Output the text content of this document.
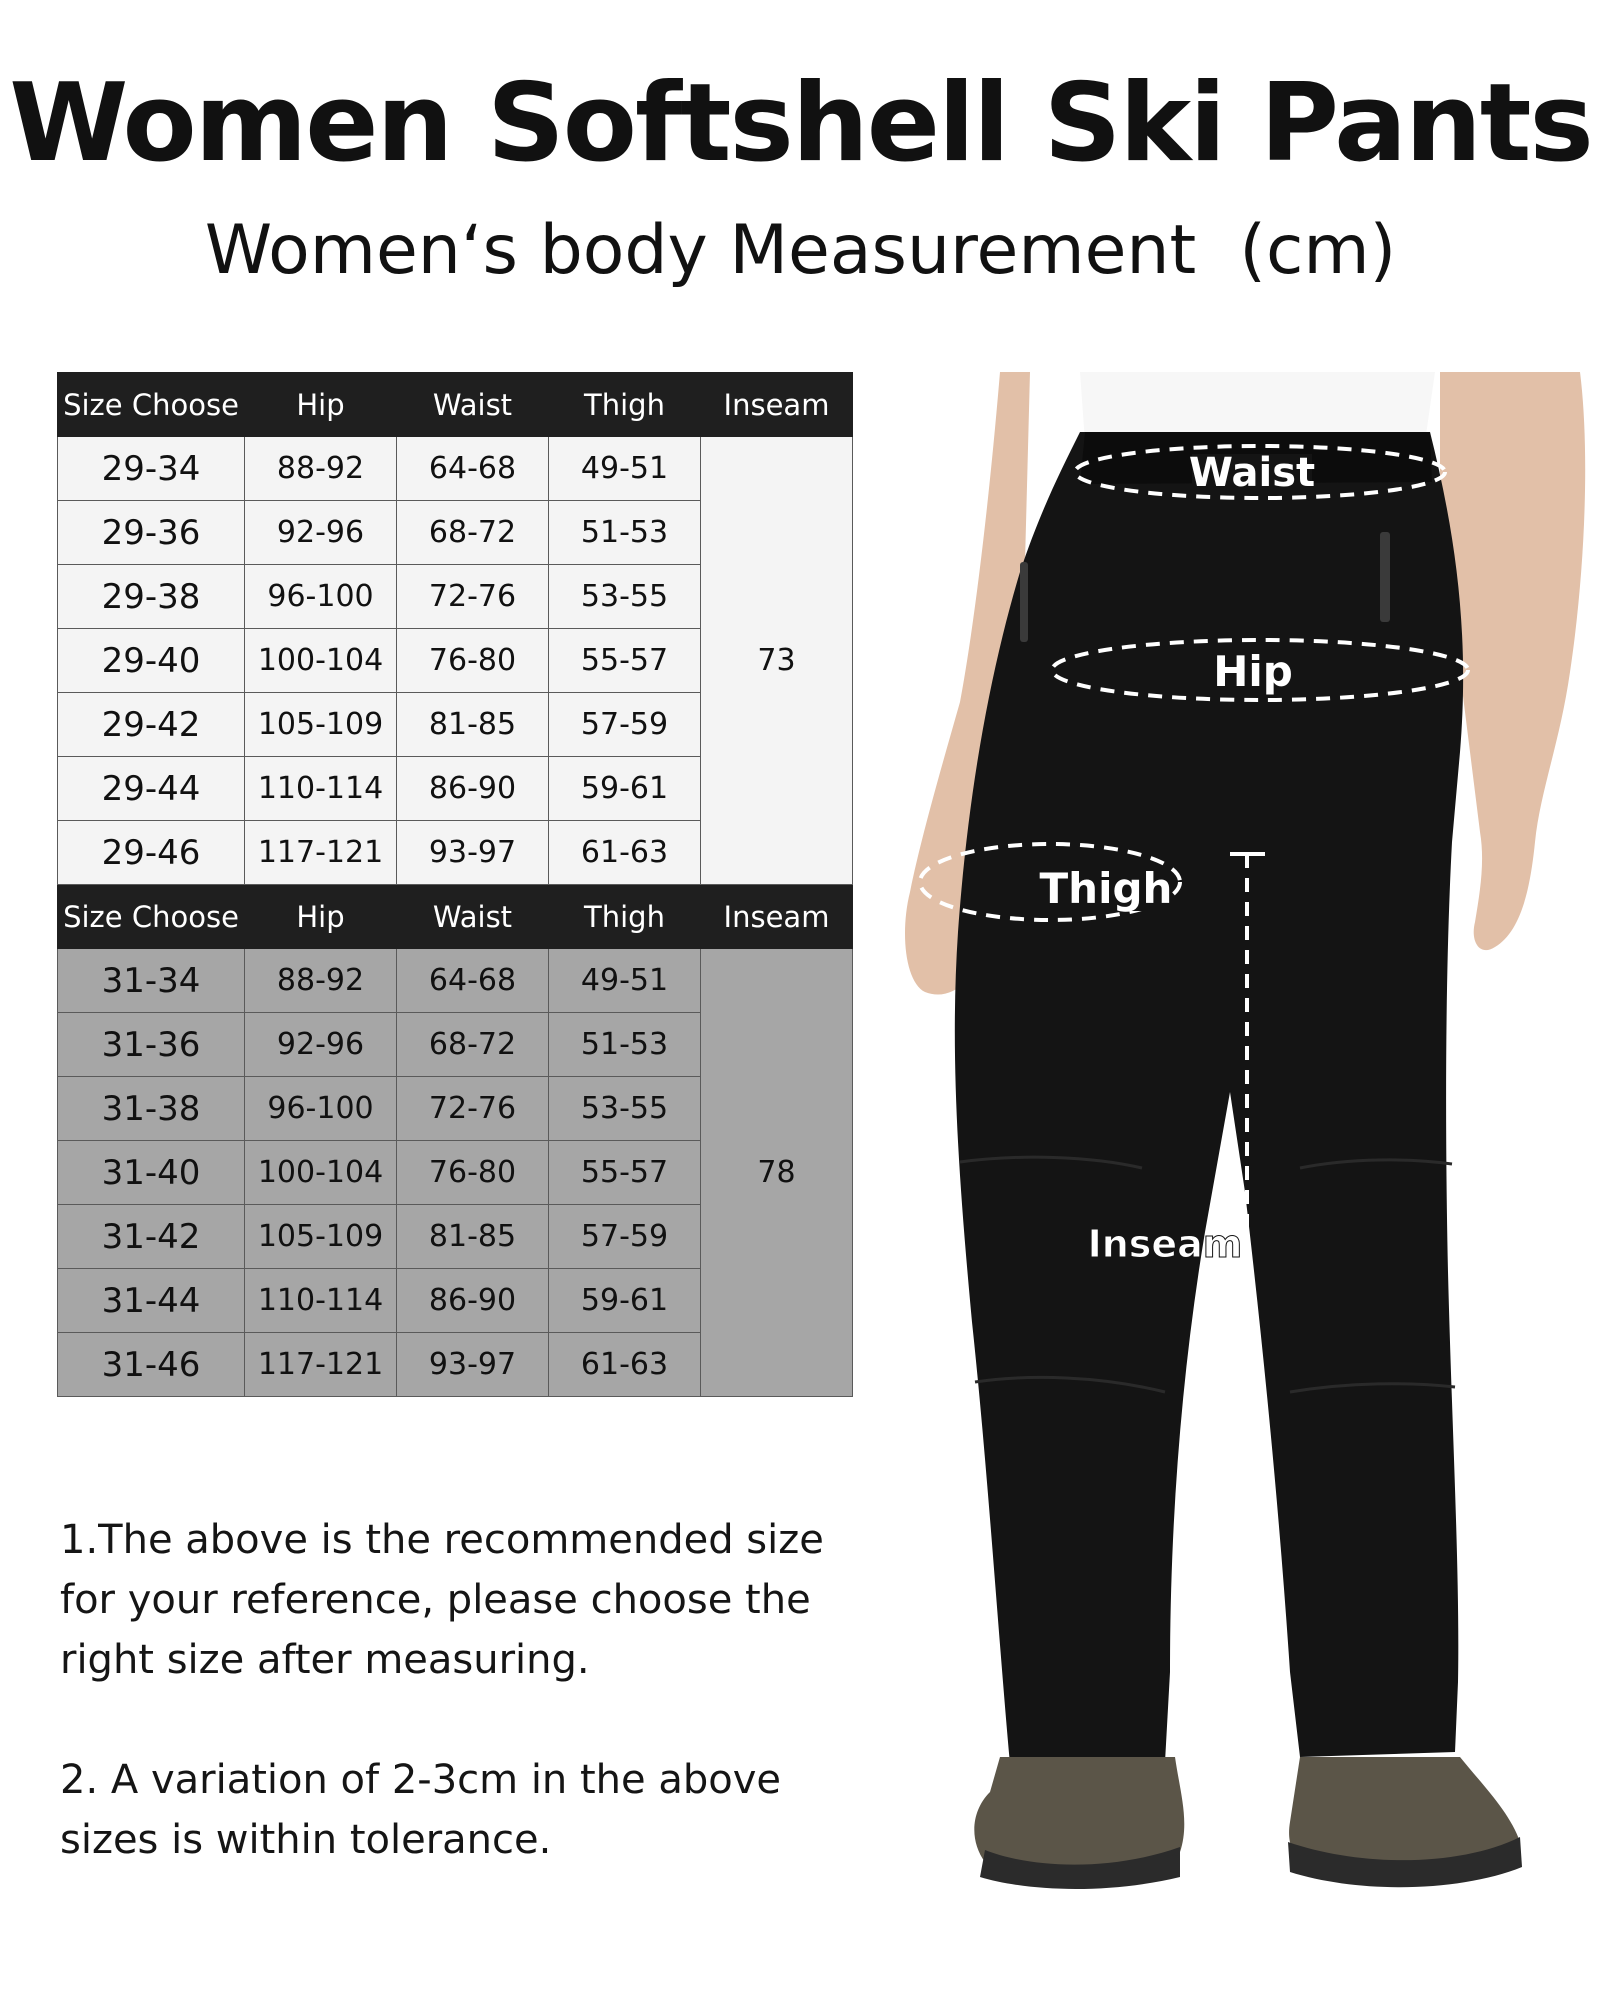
Women Softshell Ski Pants
Women‘s body Measurement  (cm)
Size Choose	Hip	Waist	Thigh	Inseam
29-34	88-92	64-68	49-51	73
29-36	92-96	68-72	51-53	
29-38	96-100	72-76	53-55	
29-40	100-104	76-80	55-57	
29-42	105-109	81-85	57-59	
29-44	110-114	86-90	59-61	
29-46	117-121	93-97	61-63	
Size Choose	Hip	Waist	Thigh	Inseam
31-34	88-92	64-68	49-51	78
31-36	92-96	68-72	51-53	
31-38	96-100	72-76	53-55	
31-40	100-104	76-80	55-57	
31-42	105-109	81-85	57-59	
31-44	110-114	86-90	59-61	
31-46	117-121	93-97	61-63	

1.The above is the recommended size
for your reference, please choose the
right size after measuring.

2. A variation of 2-3cm in the above
sizes is within tolerance.

Waist
Hip
Thigh
Inseam
